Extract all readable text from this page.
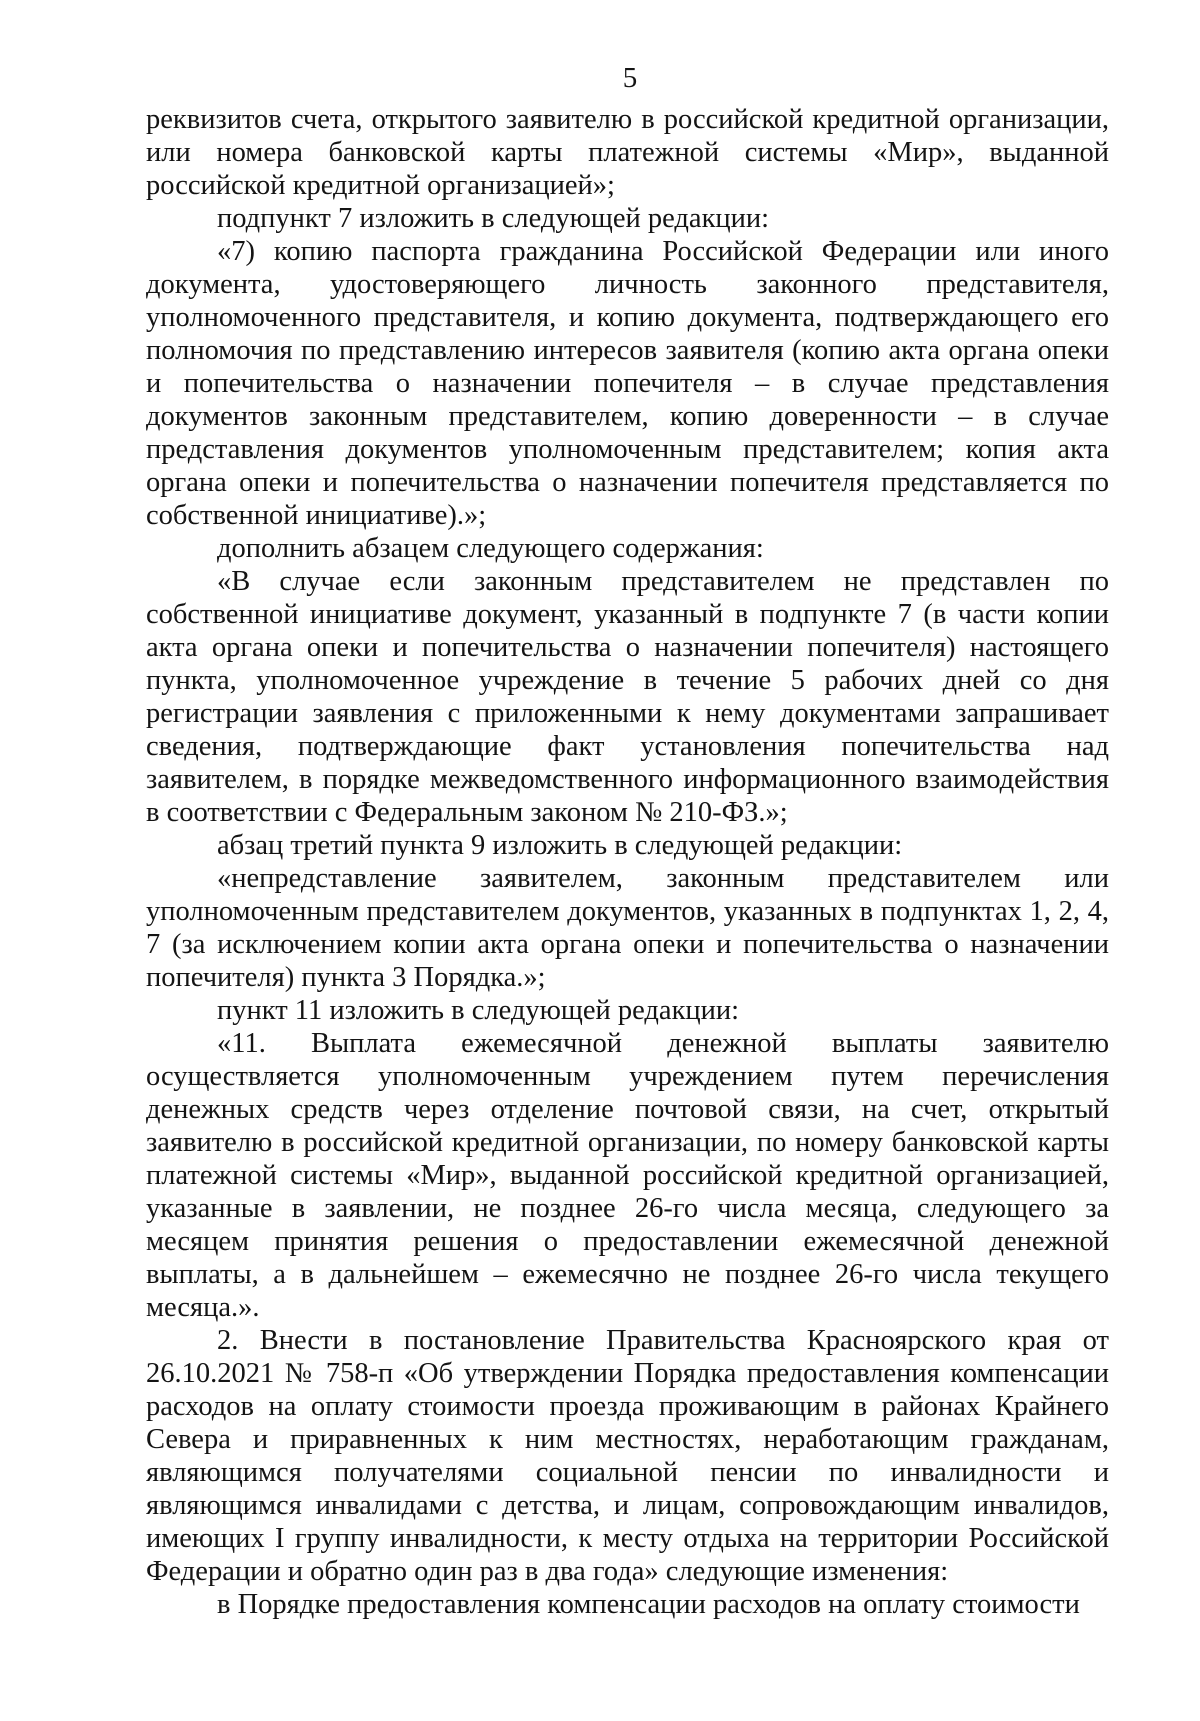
5

реквизитов счета, открытого заявителю в российской кредитной организации, или номера банковской карты платежной системы «Мир», выданной российской кредитной организацией»;

подпункт 7 изложить в следующей редакции:

«7) копию паспорта гражданина Российской Федерации или иного документа, удостоверяющего личность законного представителя, уполномоченного представителя, и копию документа, подтверждающего его полномочия по представлению интересов заявителя (копию акта органа опеки и попечительства о назначении попечителя – в случае представления документов законным представителем, копию доверенности – в случае представления документов уполномоченным представителем; копия акта органа опеки и попечительства о назначении попечителя представляется по собственной инициативе).»;

дополнить абзацем следующего содержания:

«В случае если законным представителем не представлен по собственной инициативе документ, указанный в подпункте 7 (в части копии акта органа опеки и попечительства о назначении попечителя) настоящего пункта, уполномоченное учреждение в течение 5 рабочих дней со дня регистрации заявления с приложенными к нему документами запрашивает сведения, подтверждающие факт установления попечительства над заявителем, в порядке межведомственного информационного взаимодействия в соответствии с Федеральным законом № 210-ФЗ.»;

абзац третий пункта 9 изложить в следующей редакции:

«непредставление заявителем, законным представителем или уполномоченным представителем документов, указанных в подпунктах 1, 2, 4, 7 (за исключением копии акта органа опеки и попечительства о назначении попечителя) пункта 3 Порядка.»;

пункт 11 изложить в следующей редакции:

«11. Выплата ежемесячной денежной выплаты заявителю осуществляется уполномоченным учреждением путем перечисления денежных средств через отделение почтовой связи, на счет, открытый заявителю в российской кредитной организации, по номеру банковской карты платежной системы «Мир», выданной российской кредитной организацией, указанные в заявлении, не позднее 26-го числа месяца, следующего за месяцем принятия решения о предоставлении ежемесячной денежной выплаты, а в дальнейшем – ежемесячно не позднее 26-го числа текущего месяца.».

2. Внести в постановление Правительства Красноярского края от 26.10.2021 № 758-п «Об утверждении Порядка предоставления компенсации расходов на оплату стоимости проезда проживающим в районах Крайнего Севера и приравненных к ним местностях, неработающим гражданам, являющимся получателями социальной пенсии по инвалидности и являющимся инвалидами с детства, и лицам, сопровождающим инвалидов, имеющих I группу инвалидности, к месту отдыха на территории Российской Федерации и обратно один раз в два года» следующие изменения:

в Порядке предоставления компенсации расходов на оплату стоимости
